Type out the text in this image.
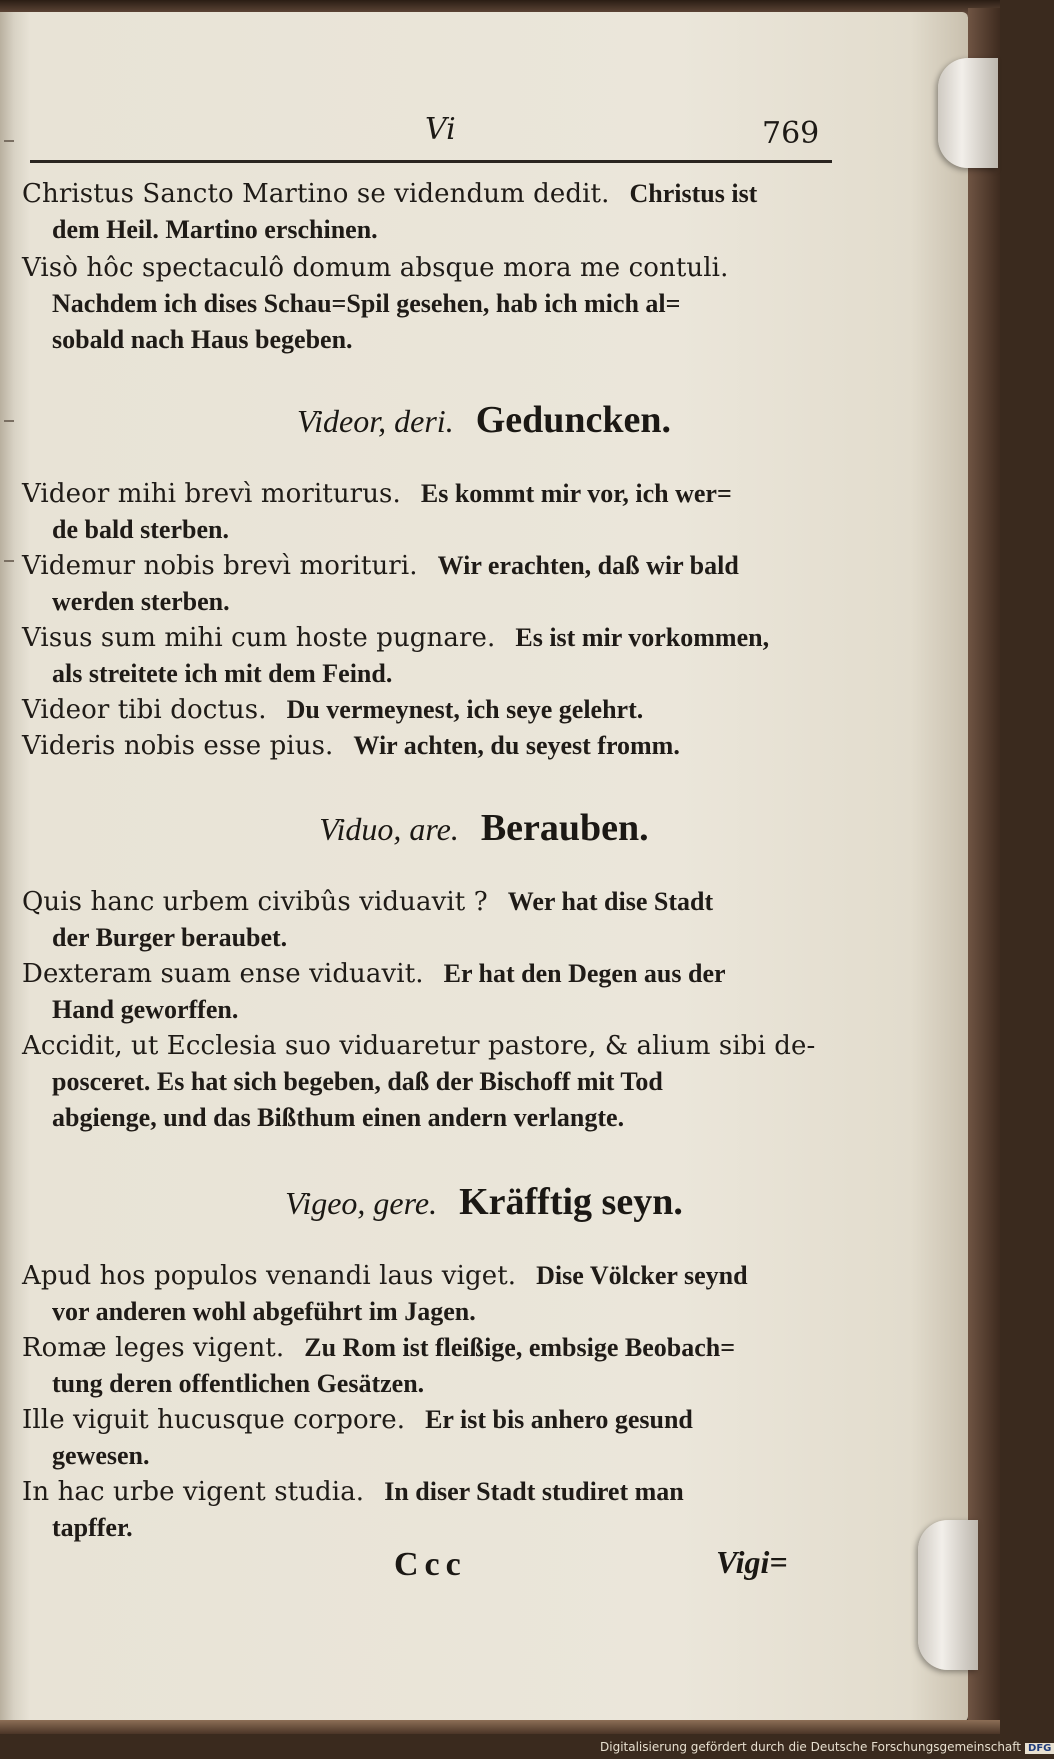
Vi	769
Christus Sancto Martino se videndum dedit. Christus ist
dem Heil. Martino erschinen.
Visò hôc spectaculô domum absque mora me contuli.
Nachdem ich dises Schau=Spil gesehen, hab ich mich al=
sobald nach Haus begeben.
Videor, deri. Geduncken.
Videor mihi brevì moriturus. Es kommt mir vor, ich wer=
de bald sterben.
Videmur nobis brevì morituri. Wir erachten, daß wir bald
werden sterben.
Visus sum mihi cum hoste pugnare. Es ist mir vorkommen,
als streitete ich mit dem Feind.
Videor tibi doctus. Du vermeynest, ich seye gelehrt.
Videris nobis esse pius. Wir achten, du seyest fromm.
Viduo, are. Berauben.
Quis hanc urbem civibûs viduavit ? Wer hat dise Stadt
der Burger beraubet.
Dexteram suam ense viduavit. Er hat den Degen aus der
Hand geworffen.
Accidit, ut Ecclesia suo viduaretur pastore, & alium sibi de-
posceret. Es hat sich begeben, daß der Bischoff mit Tod
abgienge, und das Bißthum einen andern verlangte.
Vigeo, gere. Kräfftig seyn.
Apud hos populos venandi laus viget. Dise Völcker seynd
vor anderen wohl abgeführt im Jagen.
Romæ leges vigent. Zu Rom ist fleißige, embsige Beobach=
tung deren offentlichen Gesätzen.
Ille viguit hucusque corpore. Er ist bis anhero gesund
gewesen.
In hac urbe vigent studia. In diser Stadt studiret man
tapffer.
Ccc	Vigi=
Digitalisierung gefördert durch die Deutsche Forschungsgemeinschaft DFG
